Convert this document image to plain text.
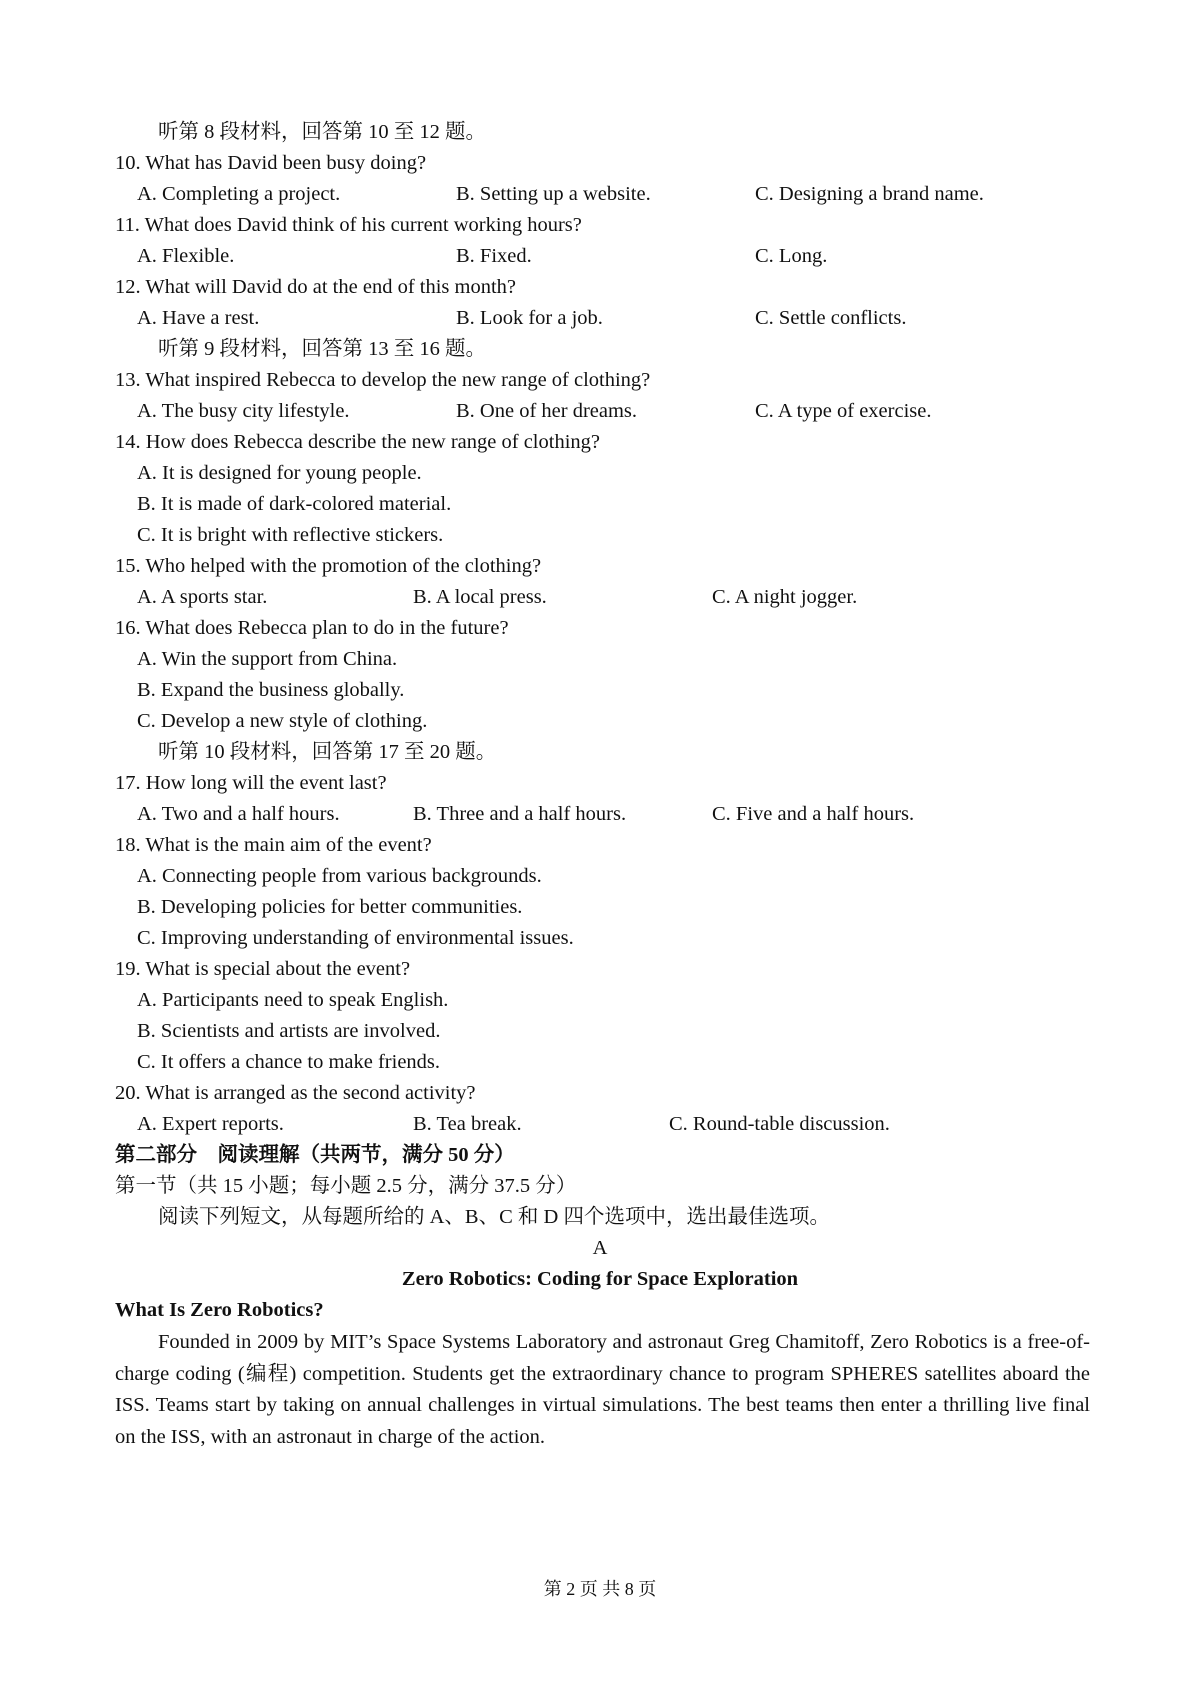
听第 8 段材料，回答第 10 至 12 题。
10. What has David been busy doing?
A. Completing a project.	B. Setting up a website.	C. Designing a brand name.
11. What does David think of his current working hours?
A. Flexible.	B. Fixed.	C. Long.
12. What will David do at the end of this month?
A. Have a rest.	B. Look for a job.	C. Settle conflicts.
听第 9 段材料，回答第 13 至 16 题。
13. What inspired Rebecca to develop the new range of clothing?
A. The busy city lifestyle.	B. One of her dreams.	C. A type of exercise.
14. How does Rebecca describe the new range of clothing?
A. It is designed for young people.
B. It is made of dark-colored material.
C. It is bright with reflective stickers.
15. Who helped with the promotion of the clothing?
A. A sports star.	B. A local press.	C. A night jogger.
16. What does Rebecca plan to do in the future?
A. Win the support from China.
B. Expand the business globally.
C. Develop a new style of clothing.
听第 10 段材料，回答第 17 至 20 题。
17. How long will the event last?
A. Two and a half hours.	B. Three and a half hours.	C. Five and a half hours.
18. What is the main aim of the event?
A. Connecting people from various backgrounds.
B. Developing policies for better communities.
C. Improving understanding of environmental issues.
19. What is special about the event?
A. Participants need to speak English.
B. Scientists and artists are involved.
C. It offers a chance to make friends.
20. What is arranged as the second activity?
A. Expert reports.	B. Tea break.	C. Round-table discussion.
第二部分　阅读理解（共两节，满分 50 分）
第一节（共 15 小题；每小题 2.5 分，满分 37.5 分）
阅读下列短文，从每题所给的 A、B、C 和 D 四个选项中，选出最佳选项。
A
Zero Robotics: Coding for Space Exploration
What Is Zero Robotics?
Founded in 2009 by MIT’s Space Systems Laboratory and astronaut Greg Chamitoff, Zero Robotics is a free-of-charge coding (编程) competition. Students get the extraordinary chance to program SPHERES satellites aboard the ISS. Teams start by taking on annual challenges in virtual simulations. The best teams then enter a thrilling live final on the ISS, with an astronaut in charge of the action.
第 2 页 共 8 页
